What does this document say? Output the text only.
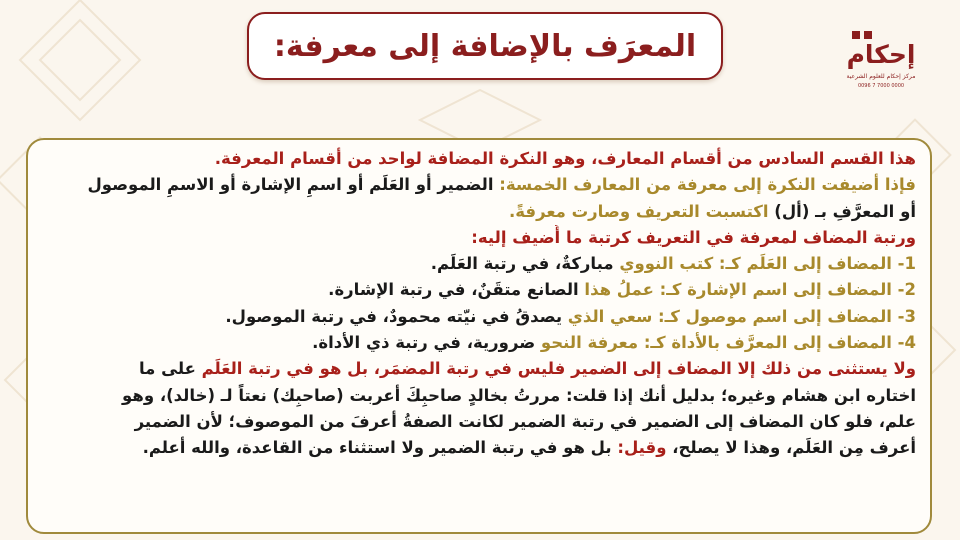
المعرَف بالإضافة إلى معرفة:	إحكام
مركز إحكام للعلوم الشرعية
0096 7 7000 0000
هذا القسم السادس من أقسام المعارف، وهو النكرة المضافة لواحد من أقسام المعرفة.
فإذا أضيفت النكرة إلى معرفة من المعارف الخمسة: الضمير أو العَلَم أو اسمِ الإشارة أو الاسمِ الموصول
أو المعرَّفِ بـ (أل) اكتسبت التعريف وصارت معرفةً.
ورتبة المضاف لمعرفة في التعريف كرتبة ما أُضيف إليه:
1- المضاف إلى العَلَم كـ: كتب النووي مباركةٌ، في رتبة العَلَم.
2- المضاف إلى اسم الإشارة كـ: عملُ هذا الصانع متقَنٌ، في رتبة الإشارة.
3- المضاف إلى اسم موصول كـ: سعي الذي يصدقُ في نيّته محمودٌ، في رتبة الموصول.
4- المضاف إلى المعرَّف بالأداة كـ: معرفة النحو ضرورية، في رتبة ذي الأداة.
ولا يستثنى من ذلك إلا المضاف إلى الضمير فليس في رتبة المضمَر، بل هو في رتبة العَلَم على ما
اختاره ابن هشام وغيره؛ بدليل أنك إذا قلت: مررتُ بخالدٍ صاحبِكَ أعربت (صاحبِك) نعتاً لـ (خالد)، وهو
علم، فلو كان المضاف إلى الضمير في رتبة الضمير لكانت الصفةُ أعرفَ من الموصوف؛ لأن الضمير
أعرف مِن العَلَم، وهذا لا يصلح، وقيل: بل هو في رتبة الضمير ولا استثناء من القاعدة، والله أعلم.
